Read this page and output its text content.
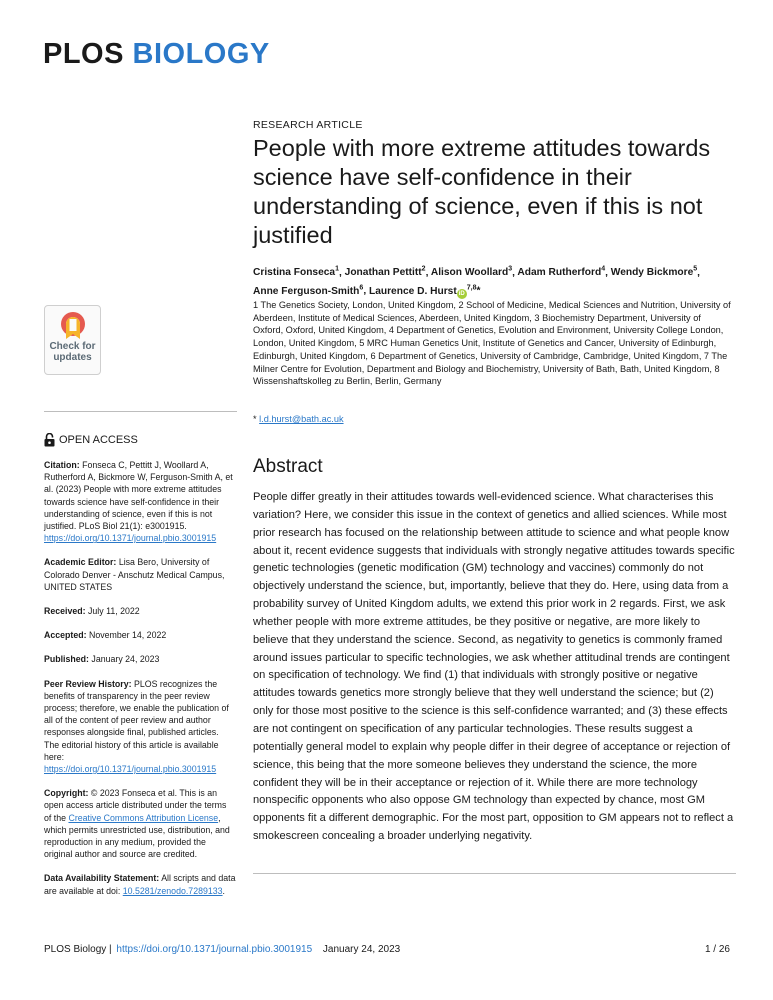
PLOS BIOLOGY
Check for
updates
OPEN ACCESS

Citation: Fonseca C, Pettitt J, Woollard A, Rutherford A, Bickmore W, Ferguson-Smith A, et al. (2023) People with more extreme attitudes towards science have self-confidence in their understanding of science, even if this is not justified. PLoS Biol 21(1): e3001915. https://doi.org/10.1371/journal.pbio.3001915

Academic Editor: Lisa Bero, University of Colorado Denver - Anschutz Medical Campus, UNITED STATES

Received: July 11, 2022

Accepted: November 14, 2022

Published: January 24, 2023

Peer Review History: PLOS recognizes the benefits of transparency in the peer review process; therefore, we enable the publication of all of the content of peer review and author responses alongside final, published articles. The editorial history of this article is available here: https://doi.org/10.1371/journal.pbio.3001915

Copyright: © 2023 Fonseca et al. This is an open access article distributed under the terms of the Creative Commons Attribution License, which permits unrestricted use, distribution, and reproduction in any medium, provided the original author and source are credited.

Data Availability Statement: All scripts and data are available at doi: 10.5281/zenodo.7289133.

RESEARCH ARTICLE
People with more extreme attitudes towards science have self-confidence in their understanding of science, even if this is not justified
Cristina Fonseca$^1$, Jonathan Pettitt$^2$, Alison Woollard$^3$, Adam Rutherford$^4$, Wendy Bickmore$^5$, Anne Ferguson-Smith$^6$, Laurence D. Hurst iD$^{7,8}$*
1 The Genetics Society, London, United Kingdom, 2 School of Medicine, Medical Sciences and Nutrition, University of Aberdeen, Institute of Medical Sciences, Aberdeen, United Kingdom, 3 Biochemistry Department, University of Oxford, Oxford, United Kingdom, 4 Department of Genetics, Evolution and Environment, University College London, London, United Kingdom, 5 MRC Human Genetics Unit, Institute of Genetics and Cancer, University of Edinburgh, Edinburgh, United Kingdom, 6 Department of Genetics, University of Cambridge, Cambridge, United Kingdom, 7 The Milner Centre for Evolution, Department and Biology and Biochemistry, University of Bath, Bath, United Kingdom, 8 Wissenshaftskolleg zu Berlin, Berlin, Germany
* l.d.hurst@bath.ac.uk
Abstract
People differ greatly in their attitudes towards well-evidenced science. What characterises this variation? Here, we consider this issue in the context of genetics and allied sciences. While most prior research has focused on the relationship between attitude to science and what people know about it, recent evidence suggests that individuals with strongly negative attitudes towards specific genetic technologies (genetic modification (GM) technology and vaccines) commonly do not objectively understand the science, but, importantly, believe that they do. Here, using data from a probability survey of United Kingdom adults, we extend this prior work in 2 regards. First, we ask whether people with more extreme attitudes, be they positive or negative, are more likely to believe that they understand the science. Second, as negativity to genetics is commonly framed around issues particular to specific technologies, we ask whether attitudinal trends are contingent on specification of technology. We find (1) that individuals with strongly positive or negative attitudes towards genetics more strongly believe that they well understand the science; but (2) only for those most positive to the science is this self-confidence warranted; and (3) these effects are not contingent on specification of any particular technologies. These results suggest a potentially general model to explain why people differ in their degree of acceptance or rejection of science, this being that the more someone believes they understand the science, the more confident they will be in their acceptance or rejection of it. While there are more technology nonspecific opponents who also oppose GM technology than expected by chance, most GM opponents fit a different demographic. For the most part, opposition to GM appears not to reflect a smokescreen concealing a broader underlying negativity.
PLOS Biology | https://doi.org/10.1371/journal.pbio.3001915 January 24, 2023	1 / 26
